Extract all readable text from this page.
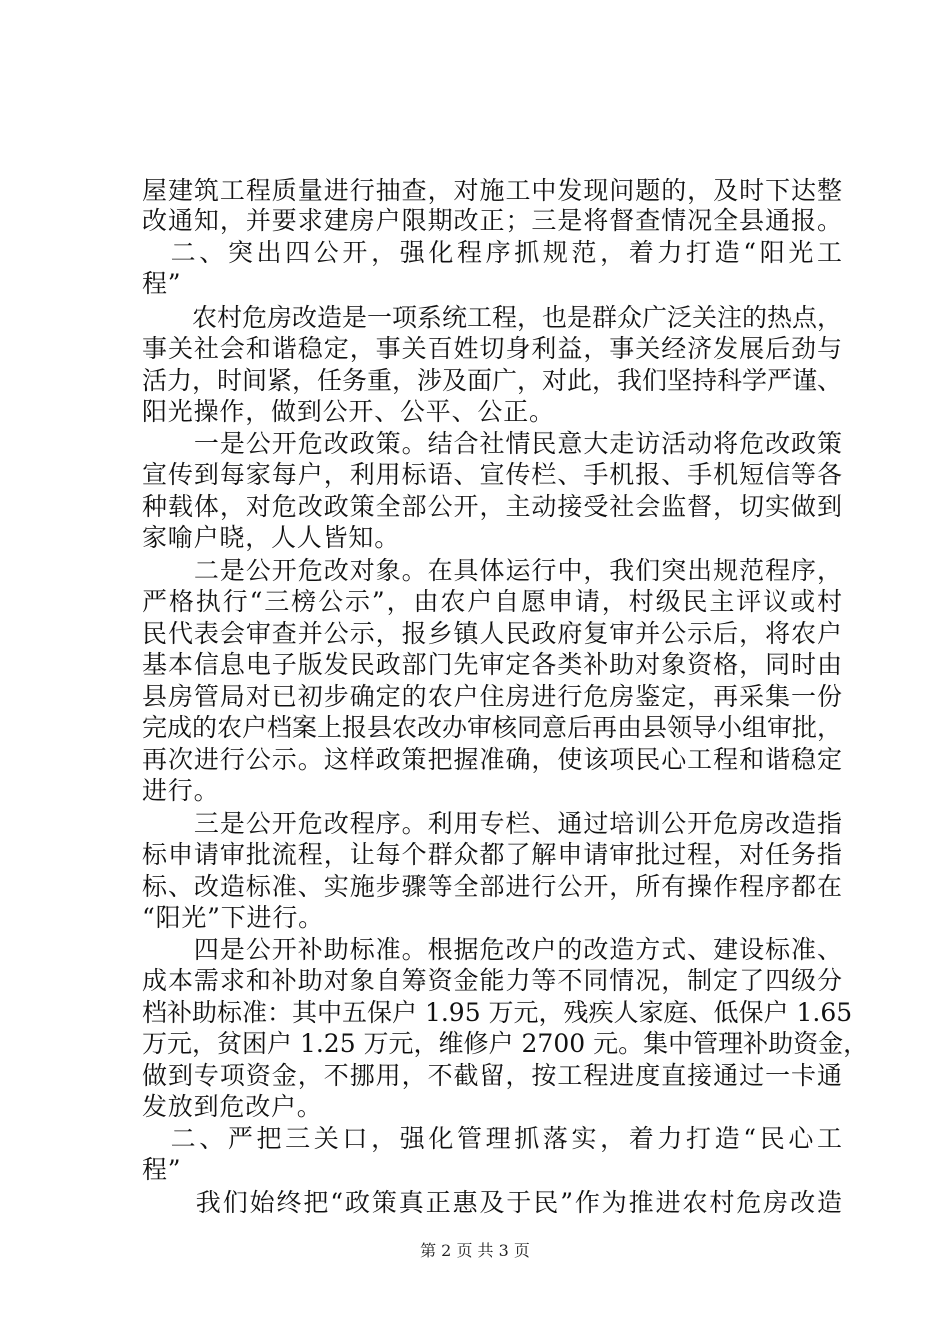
屋建筑工程质量进行抽查，对施工中发现问题的，及时下达整
改通知，并要求建房户限期改正；三是将督查情况全县通报。
　二、突出四公开，强化程序抓规范，着力打造“阳光工
程”
　　农村危房改造是一项系统工程，也是群众广泛关注的热点，
事关社会和谐稳定，事关百姓切身利益，事关经济发展后劲与
活力，时间紧，任务重，涉及面广，对此，我们坚持科学严谨、
阳光操作，做到公开、公平、公正。
　　一是公开危改政策。结合社情民意大走访活动将危改政策
宣传到每家每户，利用标语、宣传栏、手机报、手机短信等各
种载体，对危改政策全部公开，主动接受社会监督，切实做到
家喻户晓，人人皆知。
　　二是公开危改对象。在具体运行中，我们突出规范程序，
严格执行“三榜公示”，由农户自愿申请，村级民主评议或村
民代表会审查并公示，报乡镇人民政府复审并公示后，将农户
基本信息电子版发民政部门先审定各类补助对象资格，同时由
县房管局对已初步确定的农户住房进行危房鉴定，再采集一份
完成的农户档案上报县农改办审核同意后再由县领导小组审批，
再次进行公示。这样政策把握准确，使该项民心工程和谐稳定
进行。
　　三是公开危改程序。利用专栏、通过培训公开危房改造指
标申请审批流程，让每个群众都了解申请审批过程，对任务指
标、改造标准、实施步骤等全部进行公开，所有操作程序都在
“阳光”下进行。
　　四是公开补助标准。根据危改户的改造方式、建设标准、
成本需求和补助对象自筹资金能力等不同情况，制定了四级分
档补助标准：其中五保户 1.95 万元，残疾人家庭、低保户 1.65
万元，贫困户 1.25 万元，维修户 2700 元。集中管理补助资金，
做到专项资金，不挪用，不截留，按工程进度直接通过一卡通
发放到危改户。
　二、严把三关口，强化管理抓落实，着力打造“民心工
程”
　　我们始终把“政策真正惠及于民”作为推进农村危房改造
第 2 页 共 3 页
